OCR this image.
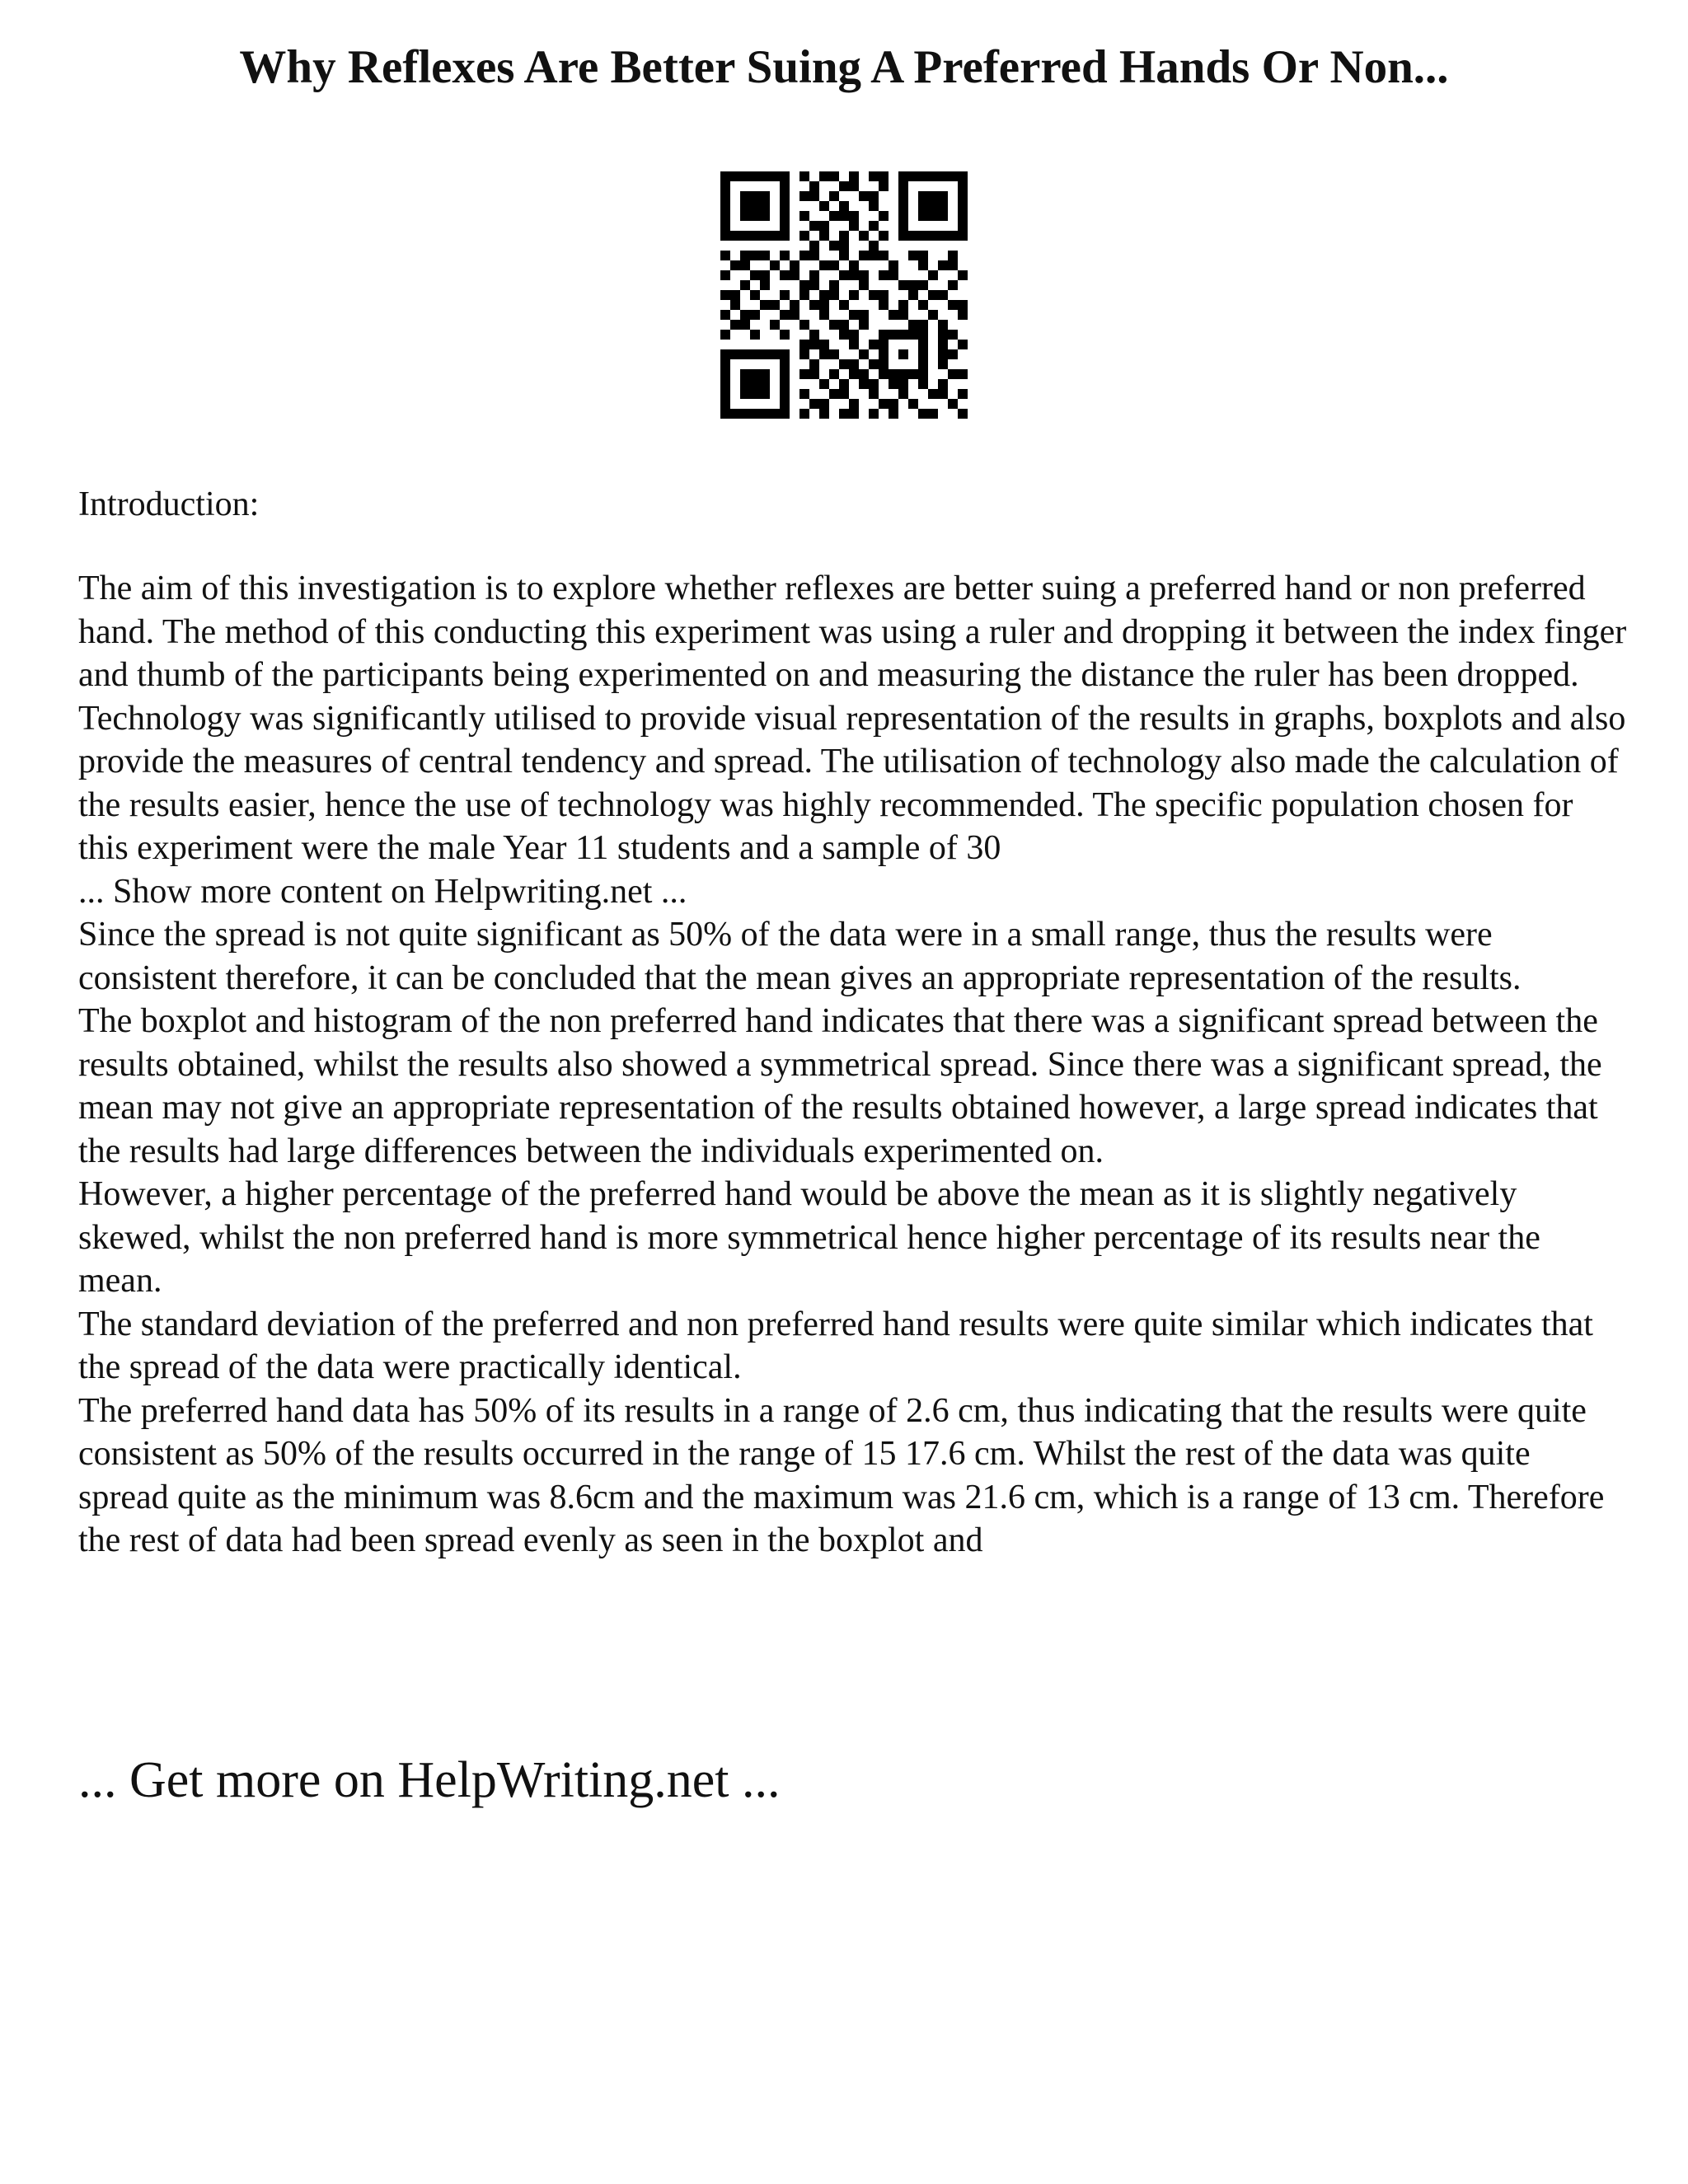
Why Reflexes Are Better Suing A Preferred Hands Or Non...

Introduction:

The aim of this investigation is to explore whether reflexes are better suing a preferred hand or non preferred hand. The method of this conducting this experiment was using a ruler and dropping it between the index finger and thumb of the participants being experimented on and measuring the distance the ruler has been dropped.

Technology was significantly utilised to provide visual representation of the results in graphs, boxplots and also provide the measures of central tendency and spread. The utilisation of technology also made the calculation of the results easier, hence the use of technology was highly recommended. The specific population chosen for this experiment were the male Year 11 students and a sample of 30

... Show more content on Helpwriting.net ...

Since the spread is not quite significant as 50% of the data were in a small range, thus the results were consistent therefore, it can be concluded that the mean gives an appropriate representation of the results.

The boxplot and histogram of the non preferred hand indicates that there was a significant spread between the results obtained, whilst the results also showed a symmetrical spread. Since there was a significant spread, the mean may not give an appropriate representation of the results obtained however, a large spread indicates that the results had large differences between the individuals experimented on.

However, a higher percentage of the preferred hand would be above the mean as it is slightly negatively skewed, whilst the non preferred hand is more symmetrical hence higher percentage of its results near the mean.

The standard deviation of the preferred and non preferred hand results were quite similar which indicates that the spread of the data were practically identical.

The preferred hand data has 50% of its results in a range of 2.6 cm, thus indicating that the results were quite consistent as 50% of the results occurred in the range of 15 17.6 cm. Whilst the rest of the data was quite spread quite as the minimum was 8.6cm and the maximum was 21.6 cm, which is a range of 13 cm. Therefore the rest of data had been spread evenly as seen in the boxplot and

... Get more on HelpWriting.net ...
